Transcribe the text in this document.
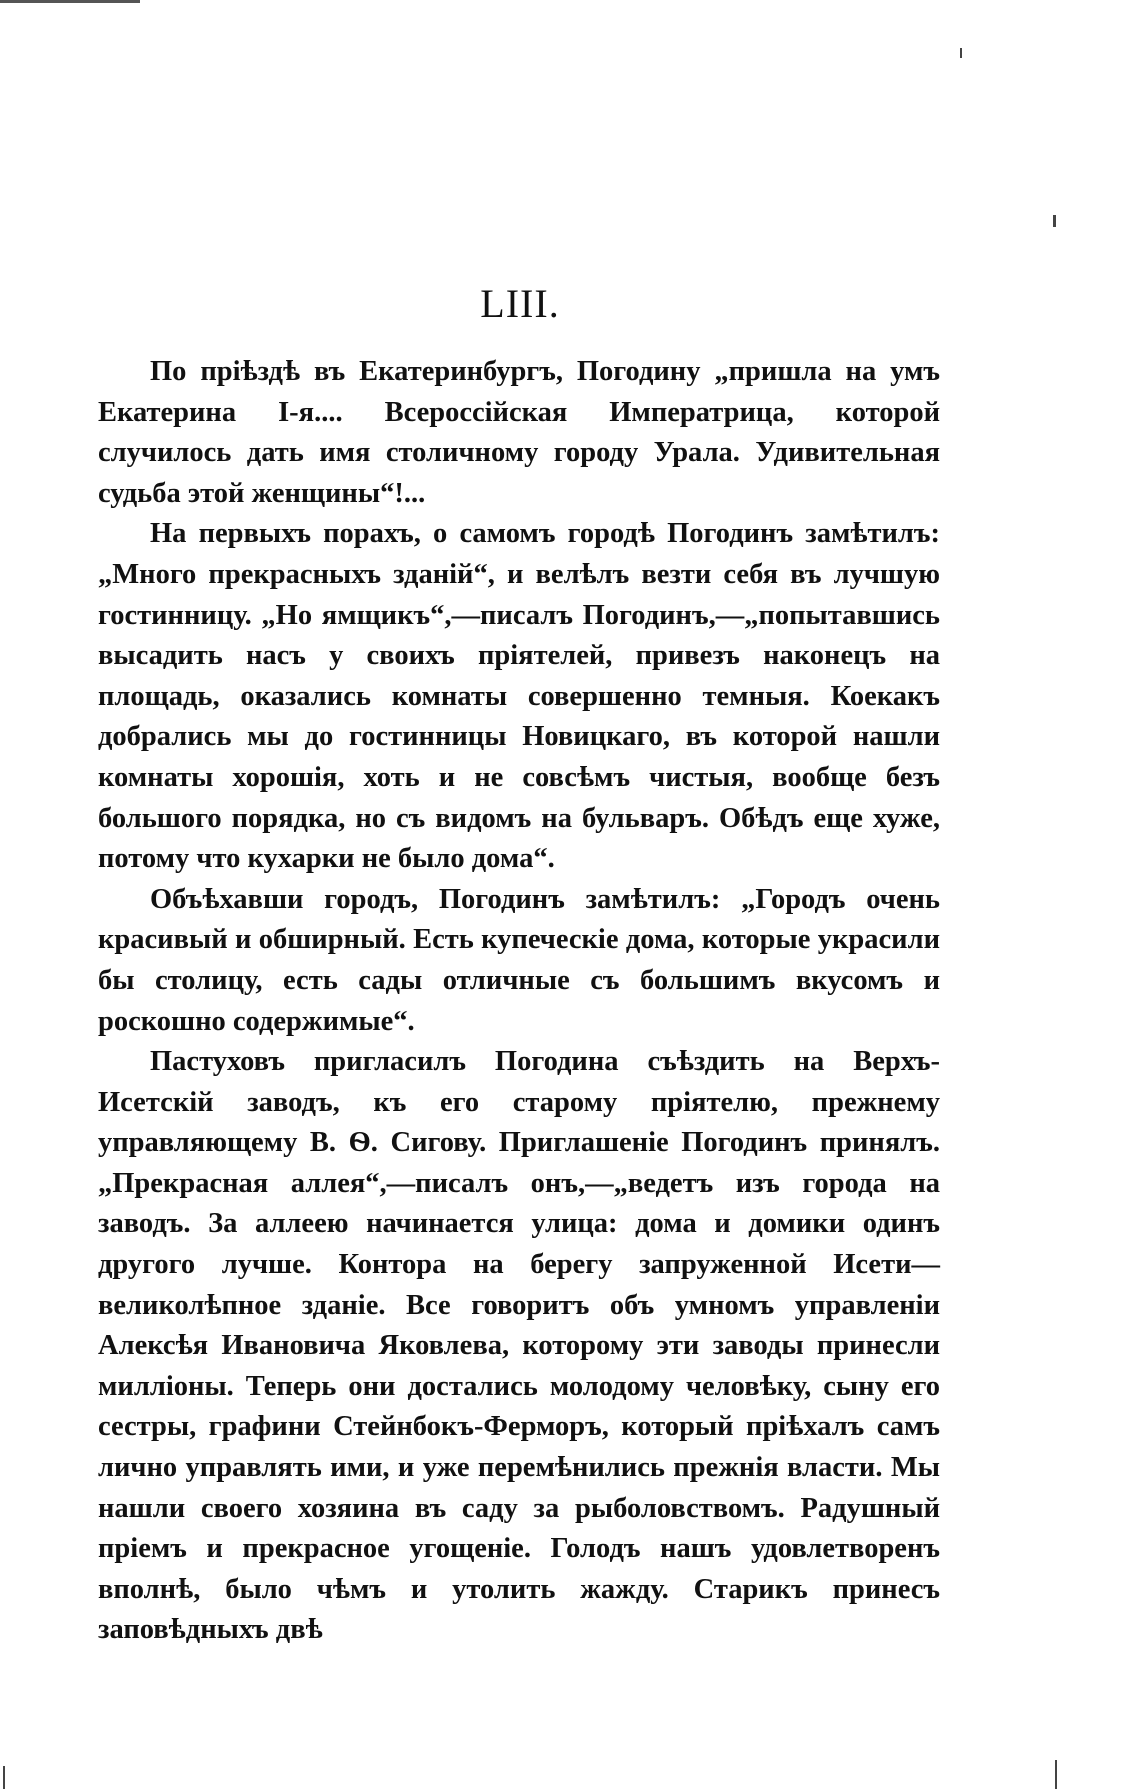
LIII.

По пріѣздѣ въ Екатеринбургъ, Погодину „пришла на умъ Екатерина I-я.... Всероссійская Императрица, которой случилось дать имя столичному городу Урала. Удивительная судьба этой женщины“!...

На первыхъ порахъ, о самомъ городѣ Погодинъ замѣтилъ: „Много прекрасныхъ зданій“, и велѣлъ везти себя въ лучшую гостинницу. „Но ямщикъ“,—писалъ Погодинъ,—„попытавшись высадить насъ у своихъ пріятелей, привезъ наконецъ на площадь, оказались комнаты совершенно темныя. Коекакъ добрались мы до гостинницы Новицкаго, въ которой нашли комнаты хорошія, хоть и не совсѣмъ чистыя, вообще безъ большого порядка, но съ видомъ на бульваръ. Обѣдъ еще хуже, потому что кухарки не было дома“.

Объѣхавши городъ, Погодинъ замѣтилъ: „Городъ очень красивый и обширный. Есть купеческіе дома, которые украсили бы столицу, есть сады отличные съ большимъ вкусомъ и роскошно содержимые“.

Пастуховъ пригласилъ Погодина съѣздить на Верхъ-Исетскій заводъ, къ его старому пріятелю, прежнему управляющему В. Ѳ. Сигову. Приглашеніе Погодинъ принялъ. „Прекрасная аллея“,—писалъ онъ,—„ведетъ изъ города на заводъ. За аллеею начинается улица: дома и домики одинъ другого лучше. Контора на берегу запруженной Исети—великолѣпное зданіе. Все говоритъ объ умномъ управленіи Алексѣя Ивановича Яковлева, которому эти заводы принесли милліоны. Теперь они достались молодому человѣку, сыну его сестры, графини Стейнбокъ-Ферморъ, который пріѣхалъ самъ лично управлять ими, и уже перемѣнились прежнія власти. Мы нашли своего хозяина въ саду за рыболовствомъ. Радушный пріемъ и прекрасное угощеніе. Голодъ нашъ удовлетворенъ вполнѣ, было чѣмъ и утолить жажду. Старикъ принесъ заповѣдныхъ двѣ
